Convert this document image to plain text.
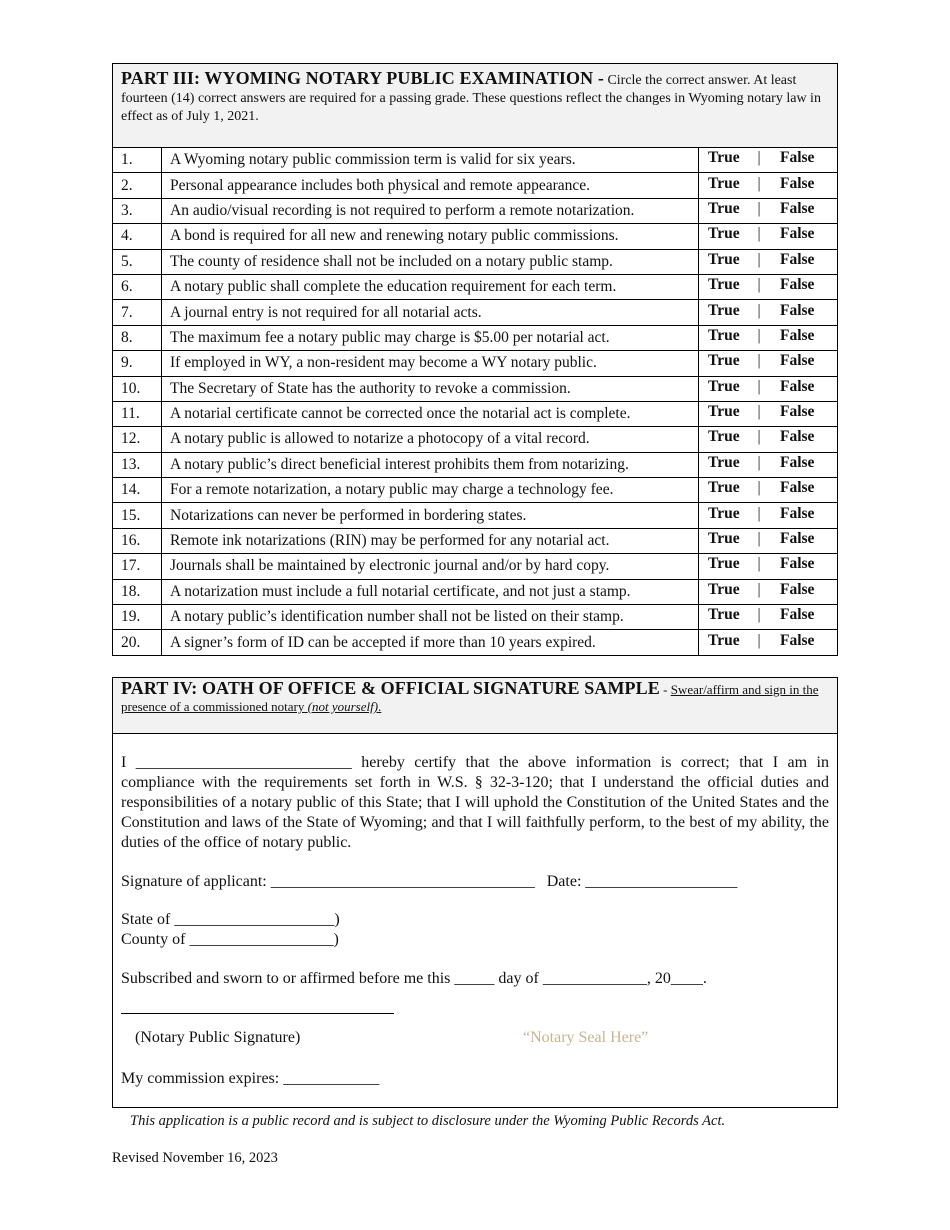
PART III: WYOMING NOTARY PUBLIC EXAMINATION - Circle the correct answer. At least fourteen (14) correct answers are required for a passing grade. These questions reflect the changes in Wyoming notary law in effect as of July 1, 2021.
1.	A Wyoming notary public commission term is valid for six years.	True | False

2.	Personal appearance includes both physical and remote appearance.	True | False

3.	An audio/visual recording is not required to perform a remote notarization.	True | False

4.	A bond is required for all new and renewing notary public commissions.	True | False

5.	The county of residence shall not be included on a notary public stamp.	True | False

6.	A notary public shall complete the education requirement for each term.	True | False

7.	A journal entry is not required for all notarial acts.	True | False

8.	The maximum fee a notary public may charge is $5.00 per notarial act.	True | False

9.	If employed in WY, a non-resident may become a WY notary public.	True | False

10.	The Secretary of State has the authority to revoke a commission.	True | False

11.	A notarial certificate cannot be corrected once the notarial act is complete.	True | False

12.	A notary public is allowed to notarize a photocopy of a vital record.	True | False

13.	A notary public’s direct beneficial interest prohibits them from notarizing.	True | False

14.	For a remote notarization, a notary public may charge a technology fee.	True | False

15.	Notarizations can never be performed in bordering states.	True | False

16.	Remote ink notarizations (RIN) may be performed for any notarial act.	True | False

17.	Journals shall be maintained by electronic journal and/or by hard copy.	True | False

18.	A notarization must include a full notarial certificate, and not just a stamp.	True | False

19.	A notary public’s identification number shall not be listed on their stamp.	True | False

20.	A signer’s form of ID can be accepted if more than 10 years expired.	True | False
PART IV: OATH OF OFFICE & OFFICIAL SIGNATURE SAMPLE - Swear/affirm and sign in the presence of a commissioned notary (not yourself).
I ___________________________ hereby certify that the above information is correct; that I am in compliance with the requirements set forth in W.S. § 32-3-120; that I understand the official duties and responsibilities of a notary public of this State; that I will uphold the Constitution of the United States and the Constitution and laws of the State of Wyoming; and that I will faithfully perform, to the best of my ability, the duties of the office of notary public.
Signature of applicant: _________________________________   Date: ___________________
State of ____________________)
County of __________________)
Subscribed and sworn to or affirmed before me this _____ day of _____________, 20____.
(Notary Public Signature)	“Notary Seal Here”
My commission expires: ____________
This application is a public record and is subject to disclosure under the Wyoming Public Records Act.
Revised November 16, 2023
